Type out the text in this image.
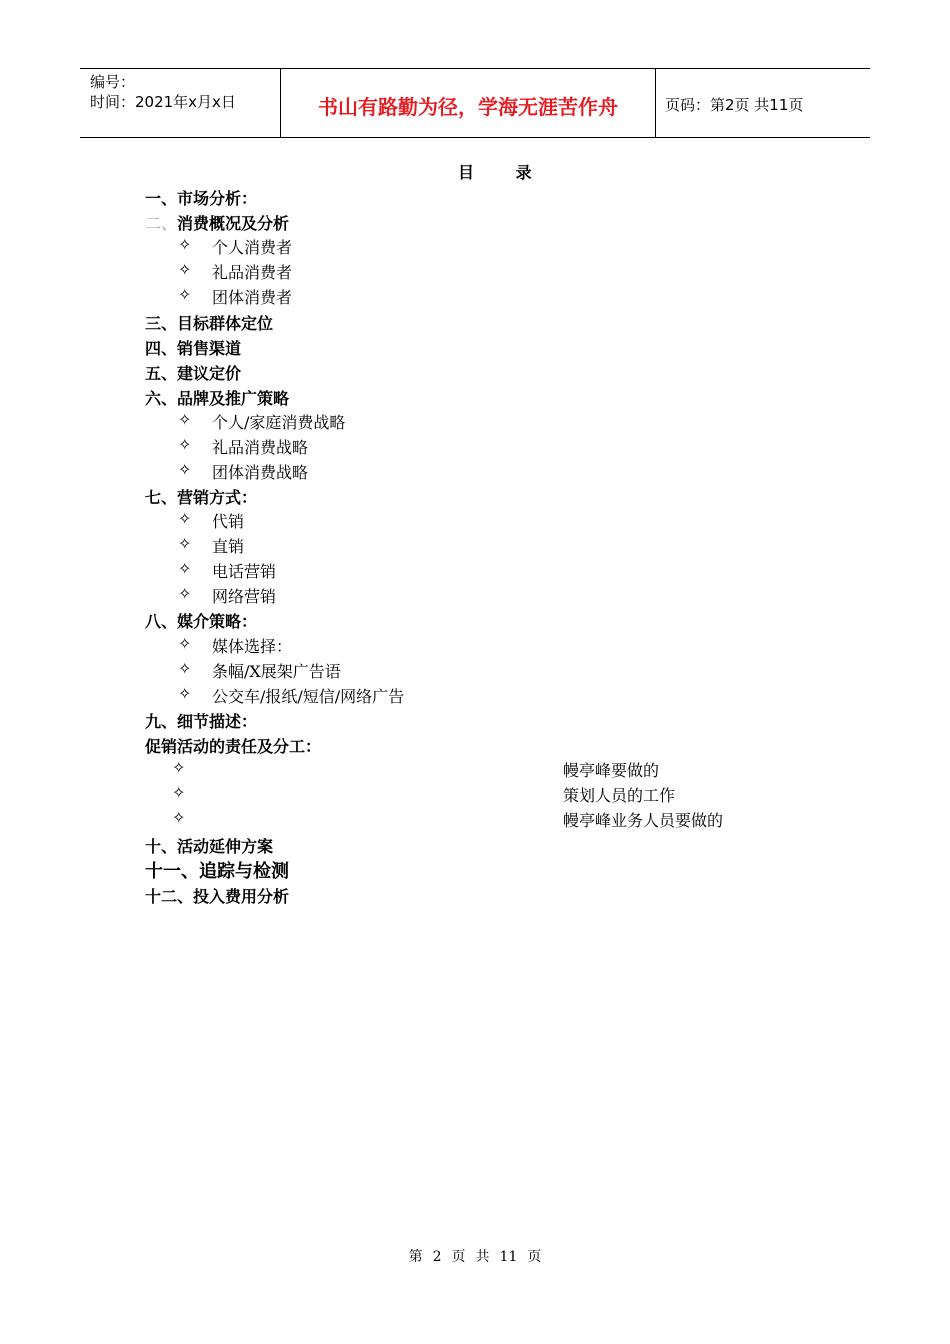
编号：
时间：2021年x月x日	书山有路勤为径，学海无涯苦作舟	页码：第2页 共11页
目 录
一、市场分析：
二、消费概况及分析
✧ 个人消费者
✧ 礼品消费者
✧ 团体消费者
三、目标群体定位
四、销售渠道
五、建议定价
六、品牌及推广策略
✧ 个人/家庭消费战略
✧ 礼品消费战略
✧ 团体消费战略
七、营销方式：
✧ 代销
✧ 直销
✧ 电话营销
✧ 网络营销
八、媒介策略：
✧ 媒体选择：
✧ 条幅/X展架广告语
✧ 公交车/报纸/短信/网络广告
九、细节描述：
促销活动的责任及分工：
✧	幔亭峰要做的
✧	策划人员的工作
✧	幔亭峰业务人员要做的
十、活动延伸方案
十一、追踪与检测
十二、投入费用分析
第 2 页 共 11 页
